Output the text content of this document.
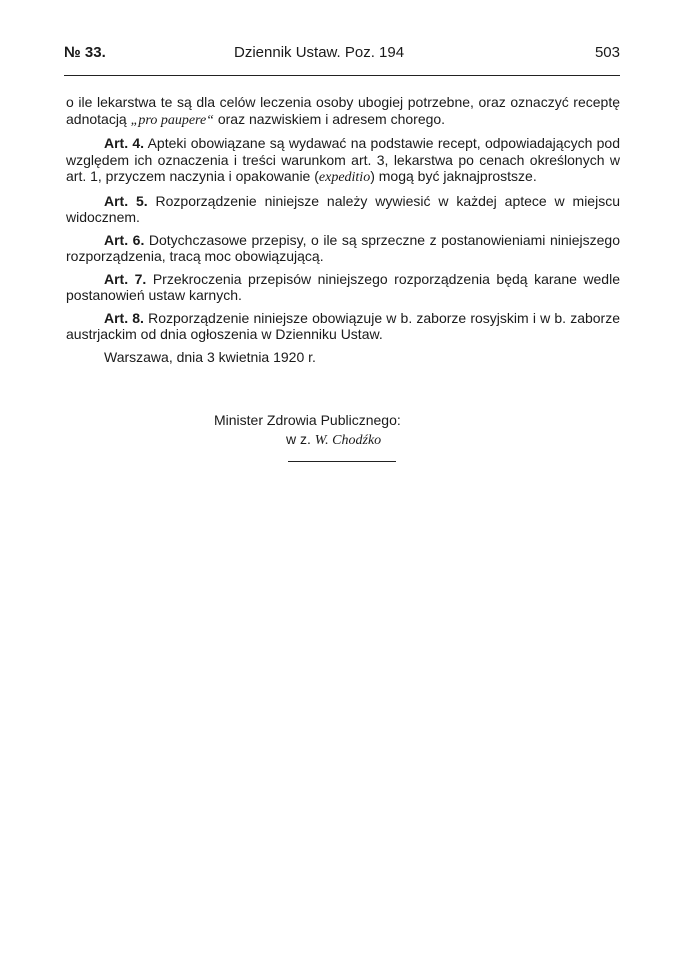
№ 33.	Dziennik Ustaw. Poz. 194	503

o ile lekarstwa te są dla celów leczenia osoby ubogiej potrzebne, oraz oznaczyć receptę adnotacją „pro paupere“ oraz nazwiskiem i adresem chorego.

Art. 4. Apteki obowiązane są wydawać na podstawie recept, odpowiadających pod względem ich oznaczenia i treści warunkom art. 3, lekarstwa po cenach określonych w art. 1, przyczem naczynia i opakowanie (expeditio) mogą być jaknajprostsze.

Art. 5. Rozporządzenie niniejsze należy wywiesić w każdej aptece w miejscu widocznem.

Art. 6. Dotychczasowe przepisy, o ile są sprzeczne z postanowieniami niniejszego rozporządzenia, tracą moc obowiązującą.

Art. 7. Przekroczenia przepisów niniejszego rozporządzenia będą karane wedle postanowień ustaw karnych.

Art. 8. Rozporządzenie niniejsze obowiązuje w b. zaborze rosyjskim i w b. zaborze austrjackim od dnia ogłoszenia w Dzienniku Ustaw.

Warszawa, dnia 3 kwietnia 1920 r.

Minister Zdrowia Publicznego:
w z. W. Chodźko
